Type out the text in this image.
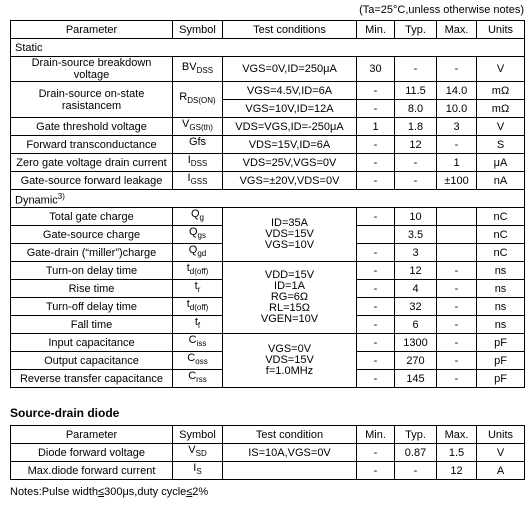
(Ta=25°C,unless otherwise notes)
Parameter	Symbol	Test conditions	Min.	Typ.	Max.	Units
Static						
Drain-source breakdown voltage	$BV_{DSS}$	VGS=0V,ID=250μA	30	-	-	V
Drain-source on-state rasistancem	$R_{DS(ON)}$	VGS=4.5V,ID=6A	-	11.5	14.0	mΩ
		VGS=10V,ID=12A	-	8.0	10.0	mΩ
Gate threshold voltage	$V_{GS(th)}$	VDS=VGS,ID=-250μA	1	1.8	3	V
Forward transconductance	Gfs	VDS=15V,ID=6A	-	12	-	S
Zero gate voltage drain current	$I_{DSS}$	VDS=25V,VGS=0V	-	-	1	μA
Gate-source forward leakage	$I_{GSS}$	VGS=±20V,VDS=0V	-	-	±100	nA
Dynamic$^{3)}$
Total gate charge	$Q_g$	ID=35A
VDS=15V
VGS=10V	-	10		nC
Gate-source charge	$Q_{gs}$			3.5		nC
Gate-drain (“miller”)charge	$Q_{gd}$		-	3		nC
Turn-on delay time	$t_{d(off)}$	VDD=15V
ID=1A
RG=6Ω
RL=15Ω
VGEN=10V	-	12	-	ns
Rise time	$t_r$		-	4	-	ns
Turn-off delay time	$t_{d(off)}$		-	32	-	ns
Fall time	$t_f$		-	6	-	ns
Input capacitance	$C_{iss}$	VGS=0V
VDS=15V
f=1.0MHz	-	1300	-	pF
Output capacitance	$C_{oss}$		-	270	-	pF
Reverse transfer capacitance	$C_{rss}$		-	145	-	pF
Source-drain diode
Parameter	Symbol	Test condition	Min.	Typ.	Max.	Units
Diode forward voltage	$V_{SD}$	IS=10A,VGS=0V	-	0.87	1.5	V
Max.diode forward current	$I_S$		-	-	12	A
Notes:Pulse width≤300μs,duty cycle≤2%
